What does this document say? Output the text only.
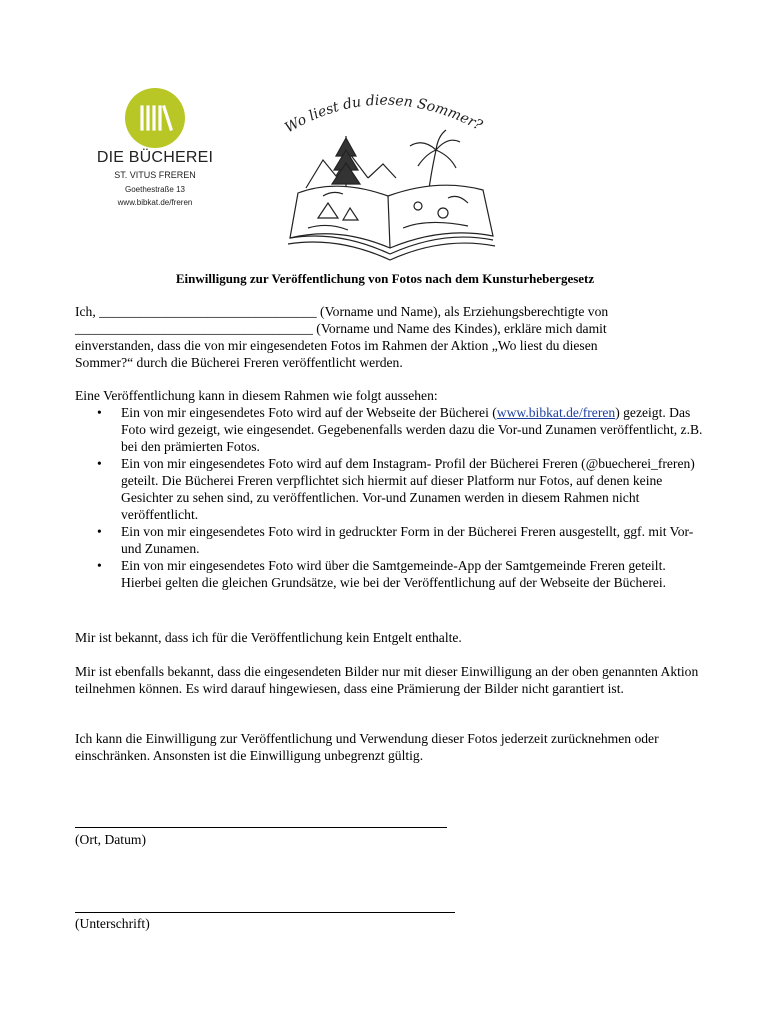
DIE BÜCHEREI
ST. VITUS FREREN
Goethestraße 13
www.bibkat.de/freren
Wo liest du diesen Sommer?
Einwilligung zur Veröffentlichung von Fotos nach dem Kunsturhebergesetz
Ich, ________________________________ (Vorname und Name), als Erziehungsberechtigte von
___________________________________ (Vorname und Name des Kindes), erkläre mich damit
einverstanden, dass die von mir eingesendeten Fotos im Rahmen der Aktion „Wo liest du diesen
Sommer?“ durch die Bücherei Freren veröffentlicht werden.
Eine Veröffentlichung kann in diesem Rahmen wie folgt aussehen:
• Ein von mir eingesendetes Foto wird auf der Webseite der Bücherei (www.bibkat.de/freren) gezeigt. Das Foto wird gezeigt, wie eingesendet. Gegebenenfalls werden dazu die Vor-und Zunamen veröffentlicht, z.B. bei den prämierten Fotos.
• Ein von mir eingesendetes Foto wird auf dem Instagram- Profil der Bücherei Freren (@buecherei_freren) geteilt. Die Bücherei Freren verpflichtet sich hiermit auf dieser Platform nur Fotos, auf denen keine Gesichter zu sehen sind, zu veröffentlichen. Vor-und Zunamen werden in diesem Rahmen nicht veröffentlicht.
• Ein von mir eingesendetes Foto wird in gedruckter Form in der Bücherei Freren ausgestellt, ggf. mit Vor-und Zunamen.
• Ein von mir eingesendetes Foto wird über die Samtgemeinde-App der Samtgemeinde Freren geteilt. Hierbei gelten die gleichen Grundsätze, wie bei der Veröffentlichung auf der Webseite der Bücherei.
Mir ist bekannt, dass ich für die Veröffentlichung kein Entgelt enthalte.
Mir ist ebenfalls bekannt, dass die eingesendeten Bilder nur mit dieser Einwilligung an der oben genannten Aktion teilnehmen können. Es wird darauf hingewiesen, dass eine Prämierung der Bilder nicht garantiert ist.
Ich kann die Einwilligung zur Veröffentlichung und Verwendung dieser Fotos jederzeit zurücknehmen oder einschränken. Ansonsten ist die Einwilligung unbegrenzt gültig.
(Ort, Datum)
(Unterschrift)
